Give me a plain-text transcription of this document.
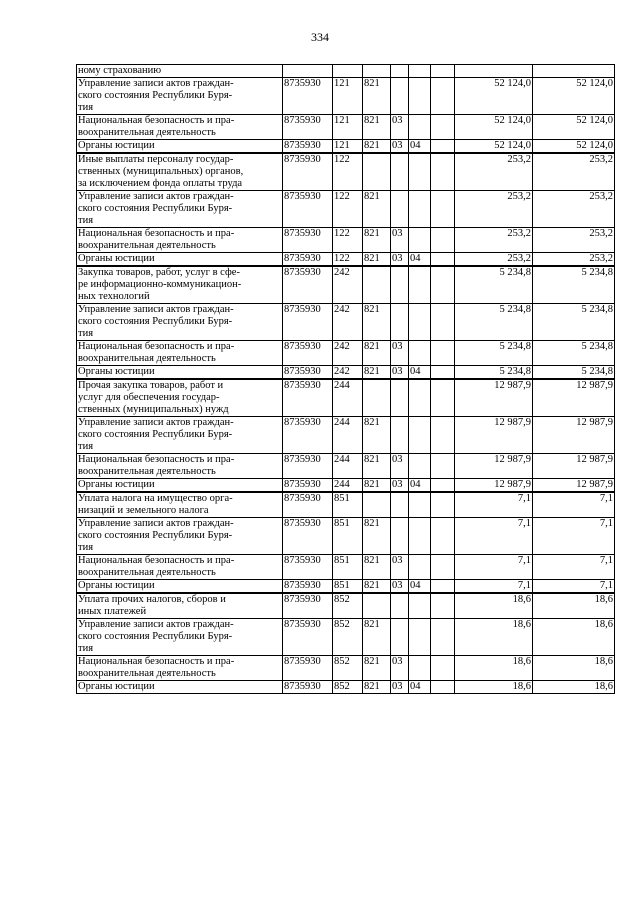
334
ному страхованию								
Управление записи актов граждан-
ского состояния Республики Буря-
тия	8735930	121	821				52 124,0	52 124,0
Национальная безопасность и пра-
воохранительная деятельность	8735930	121	821	03			52 124,0	52 124,0
Органы юстиции	8735930	121	821	03	04		52 124,0	52 124,0
Иные выплаты персоналу государ-
ственных (муниципальных) органов,
за исключением фонда оплаты труда	8735930	122					253,2	253,2
Управление записи актов граждан-
ского состояния Республики Буря-
тия	8735930	122	821				253,2	253,2
Национальная безопасность и пра-
воохранительная деятельность	8735930	122	821	03			253,2	253,2
Органы юстиции	8735930	122	821	03	04		253,2	253,2
Закупка товаров, работ, услуг в сфе-
ре информационно-коммуникацион-
ных технологий	8735930	242					5 234,8	5 234,8
Управление записи актов граждан-
ского состояния Республики Буря-
тия	8735930	242	821				5 234,8	5 234,8
Национальная безопасность и пра-
воохранительная деятельность	8735930	242	821	03			5 234,8	5 234,8
Органы юстиции	8735930	242	821	03	04		5 234,8	5 234,8
Прочая закупка товаров, работ и
услуг для обеспечения государ-
ственных (муниципальных) нужд	8735930	244					12 987,9	12 987,9
Управление записи актов граждан-
ского состояния Республики Буря-
тия	8735930	244	821				12 987,9	12 987,9
Национальная безопасность и пра-
воохранительная деятельность	8735930	244	821	03			12 987,9	12 987,9
Органы юстиции	8735930	244	821	03	04		12 987,9	12 987,9
Уплата налога на имущество орга-
низаций и земельного налога	8735930	851					7,1	7,1
Управление записи актов граждан-
ского состояния Республики Буря-
тия	8735930	851	821				7,1	7,1
Национальная безопасность и пра-
воохранительная деятельность	8735930	851	821	03			7,1	7,1
Органы юстиции	8735930	851	821	03	04		7,1	7,1
Уплата прочих налогов, сборов и
иных платежей	8735930	852					18,6	18,6
Управление записи актов граждан-
ского состояния Республики Буря-
тия	8735930	852	821				18,6	18,6
Национальная безопасность и пра-
воохранительная деятельность	8735930	852	821	03			18,6	18,6
Органы юстиции	8735930	852	821	03	04		18,6	18,6
